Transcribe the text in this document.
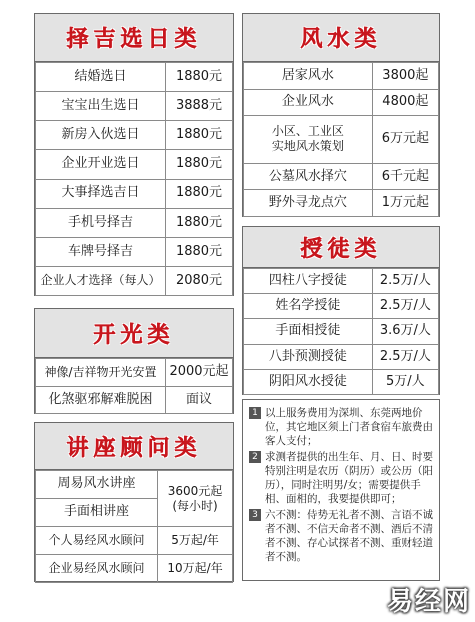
择吉选日类
结婚选日	1880元
宝宝出生选日	3888元
新房入伙选日	1880元
企业开业选日	1880元
大事择选吉日	1880元
手机号择吉	1880元
车牌号择吉	1880元
企业人才选择（每人）	2080元
开光类
神像/吉祥物开光安置	2000元起
化煞驱邪解难脱困	面议
讲座顾问类
周易风水讲座	3600元起
(每小时)
手面相讲座	
个人易经风水顾问	5万起/年
企业易经风水顾问	10万起/年
风水类
居家风水	3800起
企业风水	4800起
小区、工业区
实地风水策划	6万元起
公墓风水择穴	6千元起
野外寻龙点穴	1万元起
授徒类
四柱八字授徒	2.5万/人
姓名学授徒	2.5万/人
手面相授徒	3.6万/人
八卦预测授徒	2.5万/人
阴阳风水授徒	5万/人
1 以上服务费用为深圳、东莞两地价位，其它地区须上门者食宿车旅费由客人支付；
2 求测者提供的出生年、月、日、时要特别注明是农历（阴历）或公历（阳历），同时注明男/女；需要提供手相、面相的，我要提供即可；
3 六不测：侍势无礼者不测、言语不诚者不测、不信天命者不测、酒后不清者不测、存心试探者不测、重财轻道者不测。
易经网
